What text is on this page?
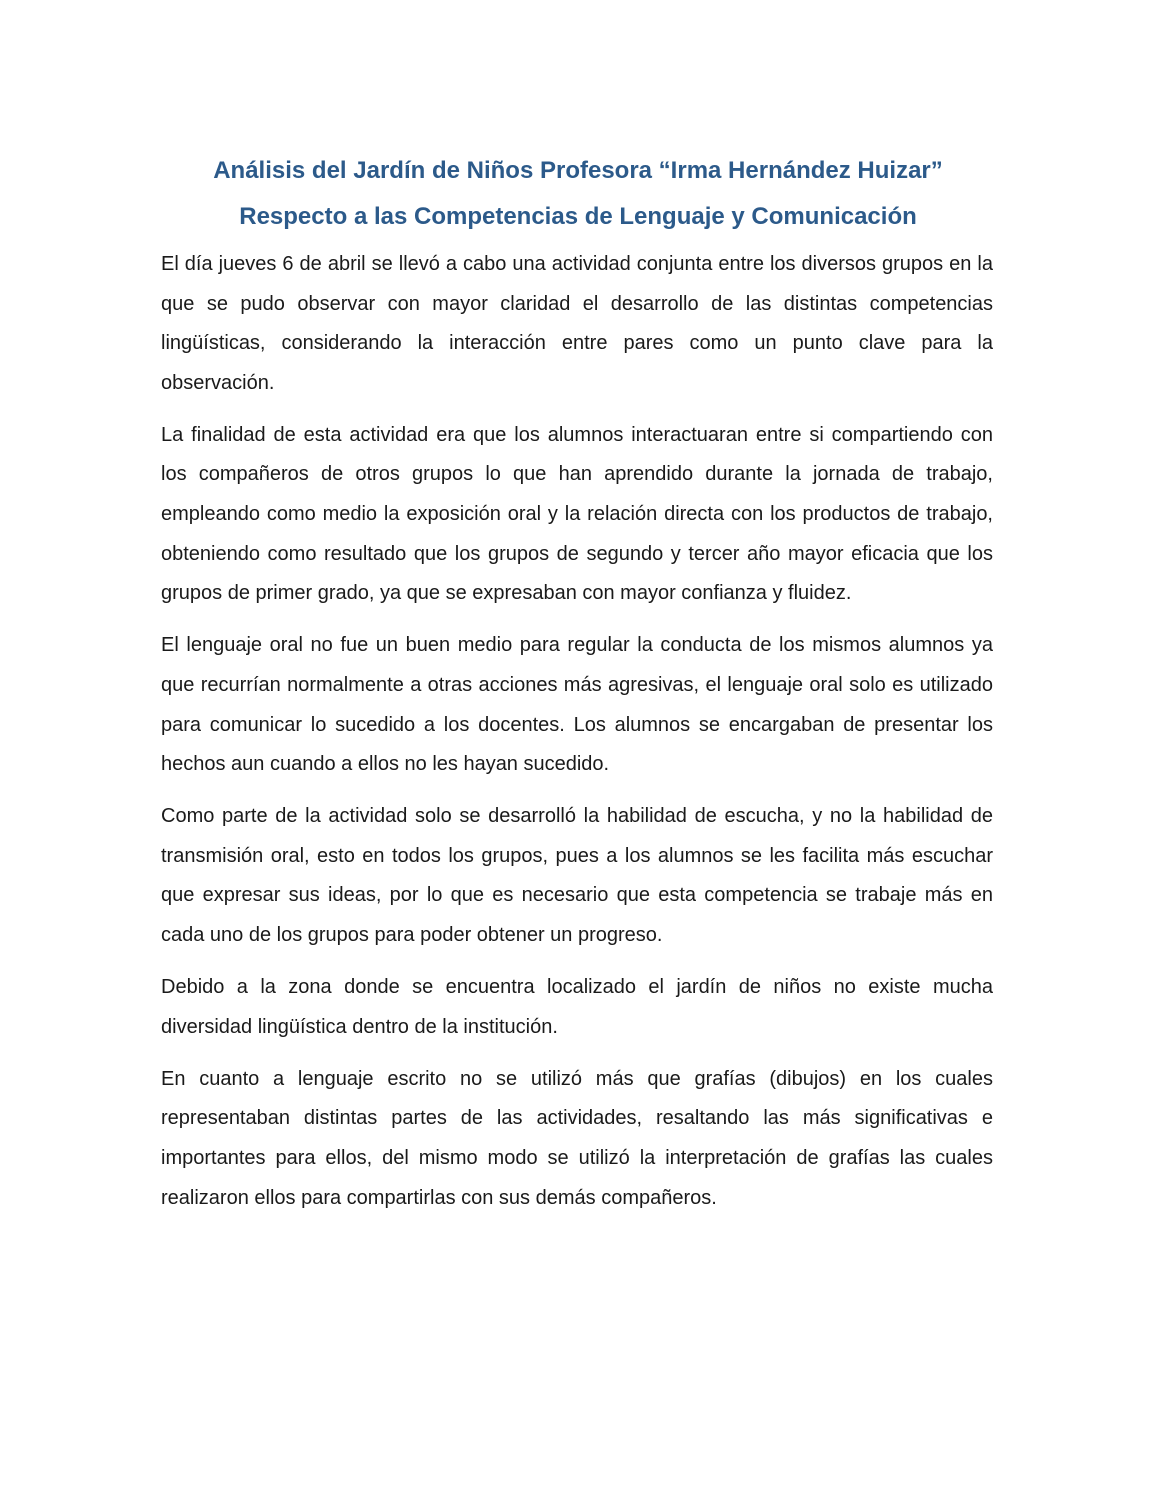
Análisis del Jardín de Niños Profesora “Irma Hernández Huizar”
Respecto a las Competencias de Lenguaje y Comunicación

El día jueves 6 de abril se llevó a cabo una actividad conjunta entre los diversos grupos en la que se pudo observar con mayor claridad el desarrollo de las distintas competencias lingüísticas, considerando la interacción entre pares como un punto clave para la observación.

La finalidad de esta actividad era que los alumnos interactuaran entre si compartiendo con los compañeros de otros grupos lo que han aprendido durante la jornada de trabajo, empleando como medio la exposición oral y la relación directa con los productos de trabajo, obteniendo como resultado que los grupos de segundo y tercer año mayor eficacia que los grupos de primer grado, ya que se expresaban con mayor confianza y fluidez.

El lenguaje oral no fue un buen medio para regular la conducta de los mismos alumnos ya que recurrían normalmente a otras acciones más agresivas, el lenguaje oral solo es utilizado para comunicar lo sucedido a los docentes. Los alumnos se encargaban de presentar los hechos aun cuando a ellos no les hayan sucedido.

Como parte de la actividad solo se desarrolló la habilidad de escucha, y no la habilidad de transmisión oral, esto en todos los grupos, pues a los alumnos se les facilita más escuchar que expresar sus ideas, por lo que es necesario que esta competencia se trabaje más en cada uno de los grupos para poder obtener un progreso.

Debido a la zona donde se encuentra localizado el jardín de niños no existe mucha diversidad lingüística dentro de la institución.

En cuanto a lenguaje escrito no se utilizó más que grafías (dibujos) en los cuales representaban distintas partes de las actividades, resaltando las más significativas e importantes para ellos, del mismo modo se utilizó la interpretación de grafías las cuales realizaron ellos para compartirlas con sus demás compañeros.
